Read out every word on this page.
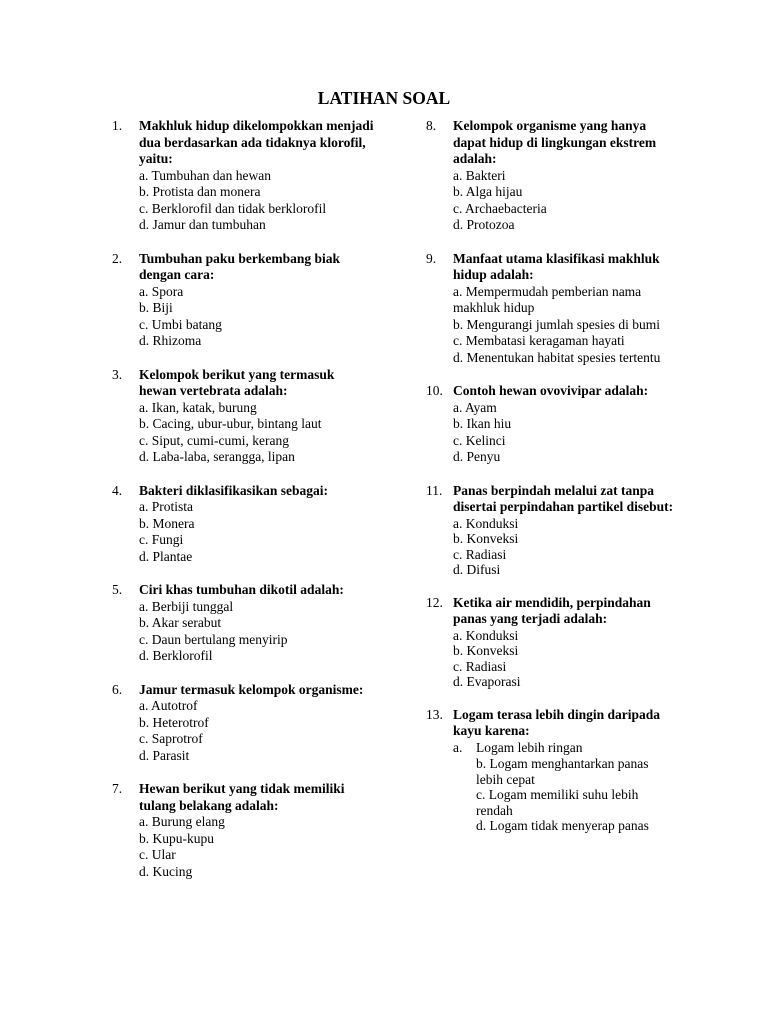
LATIHAN SOAL
1.	Makhluk hidup dikelompokkan menjadi dua berdasarkan ada tidaknya klorofil, yaitu:
a. Tumbuhan dan hewan
b. Protista dan monera
c. Berklorofil dan tidak berklorofil
d. Jamur dan tumbuhan
2.	Tumbuhan paku berkembang biak dengan cara:
a. Spora
b. Biji
c. Umbi batang
d. Rhizoma
3.	Kelompok berikut yang termasuk hewan vertebrata adalah:
a. Ikan, katak, burung
b. Cacing, ubur-ubur, bintang laut
c. Siput, cumi-cumi, kerang
d. Laba-laba, serangga, lipan
4.	Bakteri diklasifikasikan sebagai:
a. Protista
b. Monera
c. Fungi
d. Plantae
5.	Ciri khas tumbuhan dikotil adalah:
a. Berbiji tunggal
b. Akar serabut
c. Daun bertulang menyirip
d. Berklorofil
6.	Jamur termasuk kelompok organisme:
a. Autotrof
b. Heterotrof
c. Saprotrof
d. Parasit
7.	Hewan berikut yang tidak memiliki tulang belakang adalah:
a. Burung elang
b. Kupu-kupu
c. Ular
d. Kucing
8.	Kelompok organisme yang hanya dapat hidup di lingkungan ekstrem adalah:
a. Bakteri
b. Alga hijau
c. Archaebacteria
d. Protozoa
9.	Manfaat utama klasifikasi makhluk hidup adalah:
a. Mempermudah pemberian nama makhluk hidup
b. Mengurangi jumlah spesies di bumi
c. Membatasi keragaman hayati
d. Menentukan habitat spesies tertentu
10. Contoh hewan ovovivipar adalah:
a. Ayam
b. Ikan hiu
c. Kelinci
d. Penyu
11. Panas berpindah melalui zat tanpa disertai perpindahan partikel disebut:
a. Konduksi
b. Konveksi
c. Radiasi
d. Difusi
12. Ketika air mendidih, perpindahan panas yang terjadi adalah:
a. Konduksi
b. Konveksi
c. Radiasi
d. Evaporasi
13. Logam terasa lebih dingin daripada kayu karena:
a. Logam lebih ringan
b. Logam menghantarkan panas lebih cepat
c. Logam memiliki suhu lebih rendah
d. Logam tidak menyerap panas
